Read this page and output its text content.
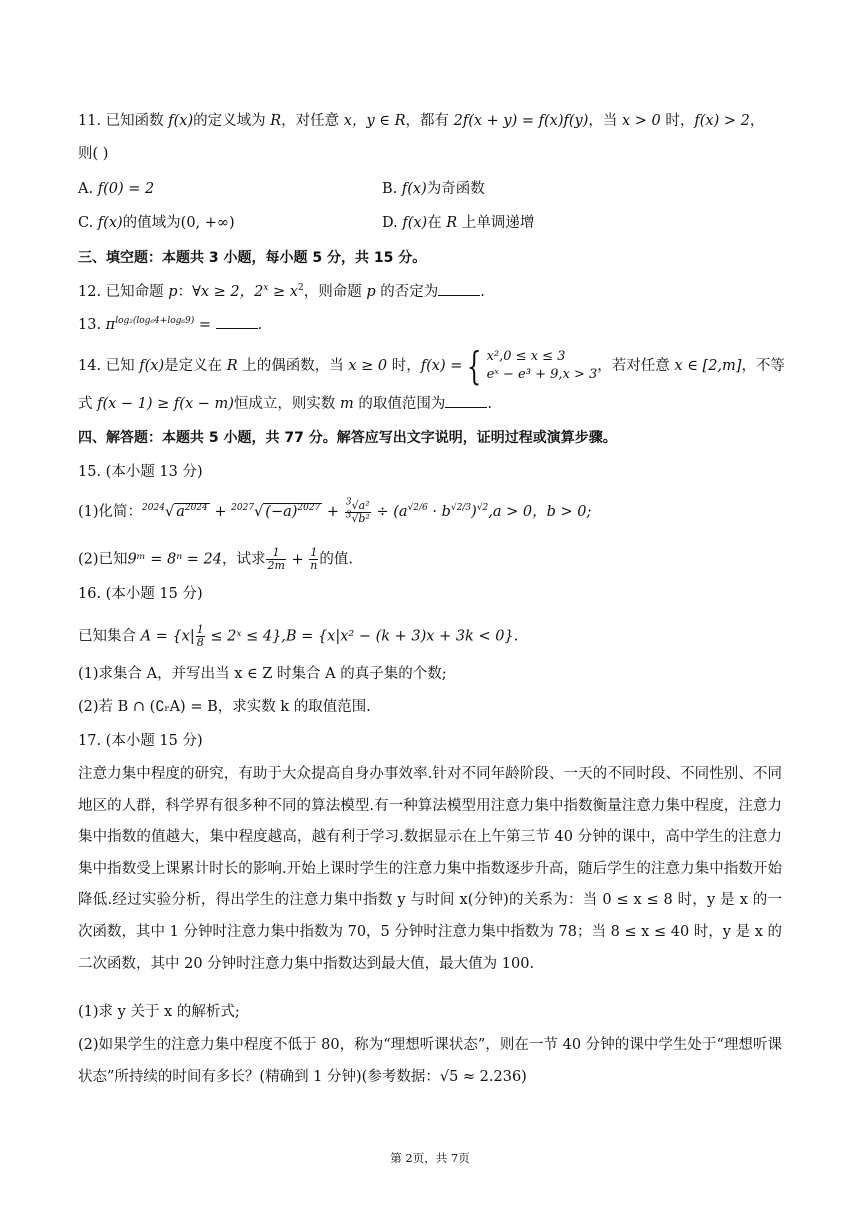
11. 已知函数 f(x)的定义域为 R，对任意 x，y ∈ R，都有 2f(x + y) = f(x)f(y)，当 x > 0 时，f(x) > 2，
则( )
A. f(0) = 2	B. f(x)为奇函数
C. f(x)的值域为(0, +∞)	D. f(x)在 R 上单调递增
三、填空题：本题共 3 小题，每小题 5 分，共 15 分。
12. 已知命题 p：∀x ≥ 2，$2^x \ge x^2$，则命题 p 的否定为	.
13. $\pi^{log_2(log_64+log_69)}$ =	.
14. 已知 f(x)是定义在 R 上的偶函数，当 x ≥ 0 时，f(x) = { x²,0 ≤ x ≤ 3
eˣ − e³ + 9,x > 3
，若对任意 x ∈ [2,m]，不等
式 f(x − 1) ≥ f(x − m)恒成立，则实数 m 的取值范围为	.
四、解答题：本题共 5 小题，共 77 分。解答应写出文字说明，证明过程或演算步骤。
15. (本小题 13 分)
(1)化简：$^{2024}$√ $a^{2024} + ^{2027}√$ $(-a)^{2027} + \frac{^3√a^2}{^3√b^2} \div (a^{√2/6} \cdot b^{√2/3})^{√2},a > 0$，b > 0;
(2)已知9ᵐ = 8ⁿ = 24，试求 $\frac{1}{2m} + \frac{1}{n}$ 的值.
16. (本小题 15 分)
已知集合 $A = \{x| \frac{1}{8}$ ≤ 2ˣ ≤ 4},B = {x|x² − (k + 3)x + 3k < 0}.
(1)求集合 A，并写出当 x ∈ Z 时集合 A 的真子集的个数;
(2)若 B ∩ (∁ᵣA) = B，求实数 k 的取值范围.
17. (本小题 15 分)
注意力集中程度的研究，有助于大众提高自身办事效率.针对不同年龄阶段、一天的不同时段、不同性别、不同地区的人群，科学界有很多种不同的算法模型.有一种算法模型用注意力集中指数衡量注意力集中程度，注意力集中指数的值越大，集中程度越高，越有利于学习.数据显示在上午第三节 40 分钟的课中，高中学生的注意力集中指数受上课累计时长的影响.开始上课时学生的注意力集中指数逐步升高，随后学生的注意力集中指数开始降低.经过实验分析，得出学生的注意力集中指数 y 与时间 x(分钟)的关系为：当 0 ≤ x ≤ 8 时，y 是 x 的一次函数，其中 1 分钟时注意力集中指数为 70，5 分钟时注意力集中指数为 78；当 8 ≤ x ≤ 40 时，y 是 x 的二次函数，其中 20 分钟时注意力集中指数达到最大值，最大值为 100.
(1)求 y 关于 x 的解析式;
(2)如果学生的注意力集中程度不低于 80，称为“理想听课状态”，则在一节 40 分钟的课中学生处于“理想听课状态”所持续的时间有多长？(精确到 1 分钟)(参考数据：√5 ≈ 2.236)
第 2页，共 7页
